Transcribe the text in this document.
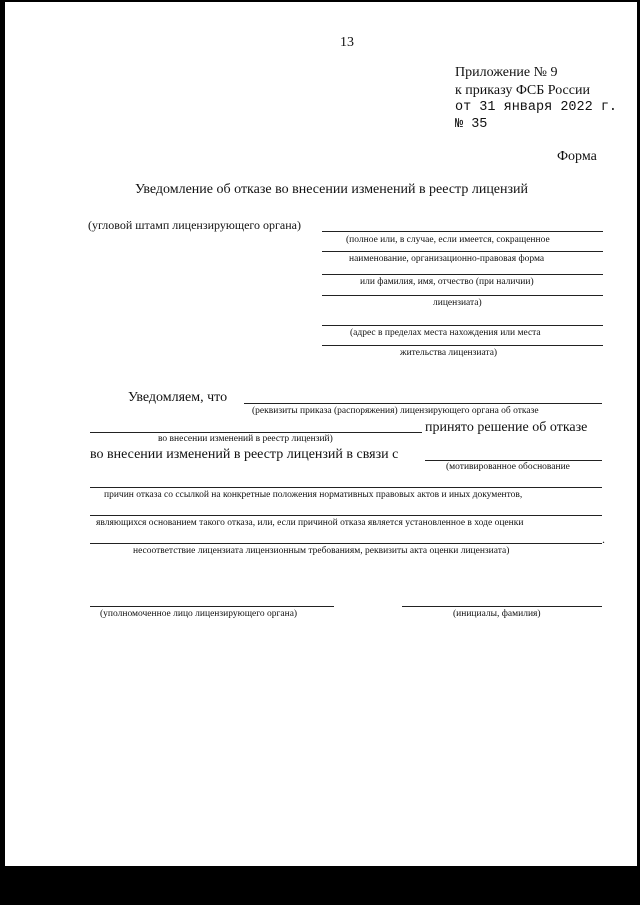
13
Приложение № 9
к приказу ФСБ России
от 31 января 2022 г.
№ 35
Форма
Уведомление об отказе во внесении изменений в реестр лицензий
(угловой штамп лицензирующего органа)
(полное или, в случае, если имеется, сокращенное
наименование, организационно-правовая форма
или фамилия, имя, отчество (при наличии)
лицензиата)
(адрес в пределах места нахождения или места
жительства лицензиата)
Уведомляем, что
(реквизиты приказа (распоряжения) лицензирующего органа об отказе
принято решение об отказе
во внесении изменений в реестр лицензий)
во внесении изменений в реестр лицензий в связи с
(мотивированное обоснование
причин отказа со ссылкой на конкретные положения нормативных правовых актов и иных документов,
являющихся основанием такого отказа, или, если причиной отказа является установленное в ходе оценки
.
несоответствие лицензиата лицензионным требованиям, реквизиты акта оценки лицензиата)
(уполномоченное лицо лицензирующего органа)	(инициалы, фамилия)
